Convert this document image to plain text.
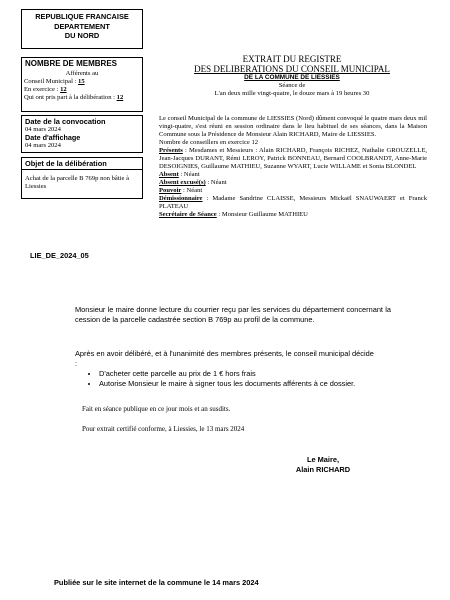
REPUBLIQUE FRANCAISE
DEPARTEMENT
DU NORD
NOMBRE DE MEMBRES
Afférents au
Conseil Municipal : 15
En exercice : 12
Qui ont pris part à la délibération : 12
Date de la convocation
04 mars 2024
Date d'affichage
04 mars 2024
Objet de la délibération
Achat de la parcelle B 769p non bâtie à Liessies
LIE_DE_2024_05
EXTRAIT DU REGISTRE
DES DELIBERATIONS DU CONSEIL MUNICIPAL
DE LA COMMUNE DE LIESSIES
Séance de
L'an deux mille vingt-quatre, le douze mars à 19 heures 30
Le conseil Municipal de la commune de LIESSIES (Nord) dûment convoqué le quatre mars deux mil vingt-quatre, s'est réuni en session ordinaire dans le lieu habituel de ses séances, dans la Maison Commune sous la Présidence de Monsieur Alain RICHARD, Maire de LIESSIES.
Nombre de conseillers en exercice 12
Présents : Mesdames et Messieurs : Alain RICHARD, François RICHEZ, Nathalie GROUZELLE, Jean-Jacques DURANT, Rémi LEROY, Patrick BONNEAU, Bernard COOLBRANDT, Anne-Marie DESOIGNIES, Guillaume MATHIEU, Suzanne WYART, Lucie WILLAME et Sonia BLONDEL
Absent : Néant
Absent excusé(s) : Néant
Pouvoir : Néant
Démissionnaire : Madame Sandrine CLAISSE, Messieurs Mickaël SNAUWAERT et Franck PLATEAU
Secrétaire de Séance : Monsieur Guillaume MATHIEU
Monsieur le maire donne lecture du courrier reçu par les services du département concernant la cession de la parcelle cadastrée section B 769p au profil de la commune.
Après en avoir délibéré, et à l'unanimité des membres présents, le conseil municipal décide :
• D'acheter cette parcelle au prix de 1 € hors frais
• Autorise Monsieur le maire à signer tous les documents afférents à ce dossier.
Fait en séance publique en ce jour mois et an susdits.
Pour extrait certifié conforme, à Liessies, le 13 mars 2024
Le Maire,
Alain RICHARD
Publiée sur le site internet de la commune le 14 mars 2024
